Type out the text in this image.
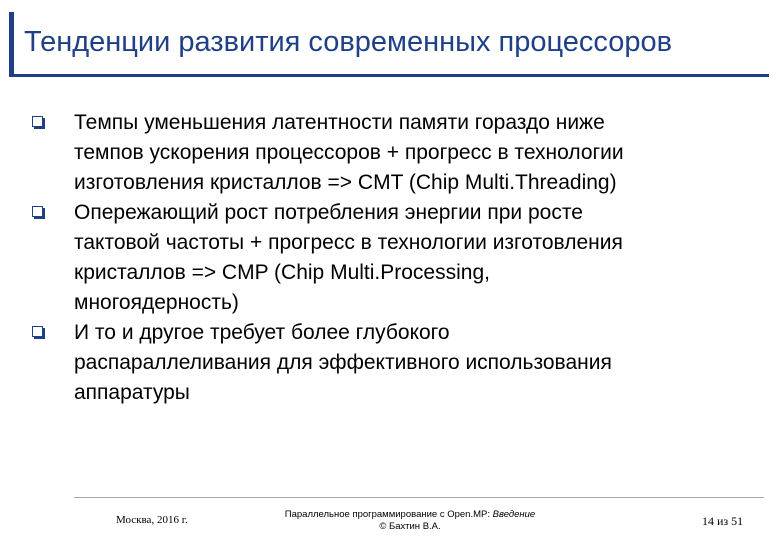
Тенденции развития современных процессоров
Темпы уменьшения латентности памяти гораздо ниже темпов ускорения процессоров + прогресс в технологии изготовления кристаллов => CMT (Chip Multi.Threading)
Опережающий рост потребления энергии при росте тактовой частоты + прогресс в технологии изготовления кристаллов => CMP (Chip Multi.Processing, многоядерность)
И то и другое требует более глубокого распараллеливания для эффективного использования аппаратуры
Москва, 2016 г.	Параллельное программирование с Open.MP: Введение
© Бахтин В.А.	14 из 51
